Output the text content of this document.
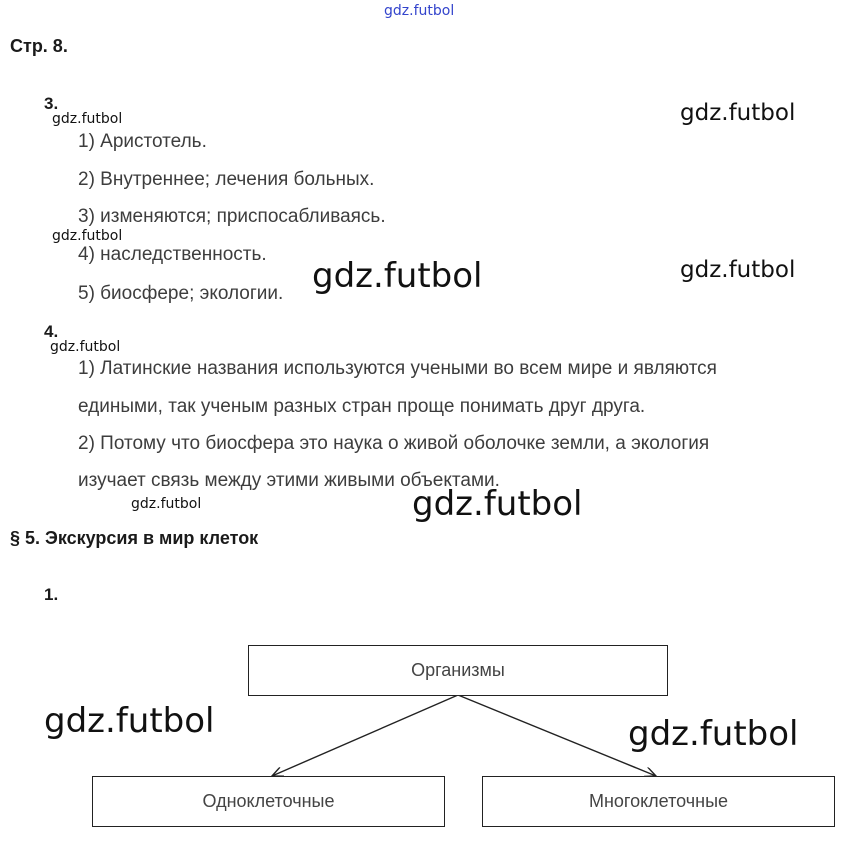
gdz.futbol
Стр. 8.
3.
1) Аристотель.
2) Внутреннее; лечения больных.
3) изменяются; приспосабливаясь.
4) наследственность.
5) биосфере; экологии.
4.
1) Латинские названия используются учеными во всем мире и являются
едиными, так ученым разных стран проще понимать друг друга.
2) Потому что биосфера это наука о живой оболочке земли, а экология
изучает связь между этими живыми объектами.
§ 5. Экскурсия в мир клеток
1.
Организмы
Одноклеточные	Многоклеточные
gdz.futbol	gdz.futbol
gdz.futbol
gdz.futbol	gdz.futbol
gdz.futbol
gdz.futbol	gdz.futbol
gdz.futbol	gdz.futbol
